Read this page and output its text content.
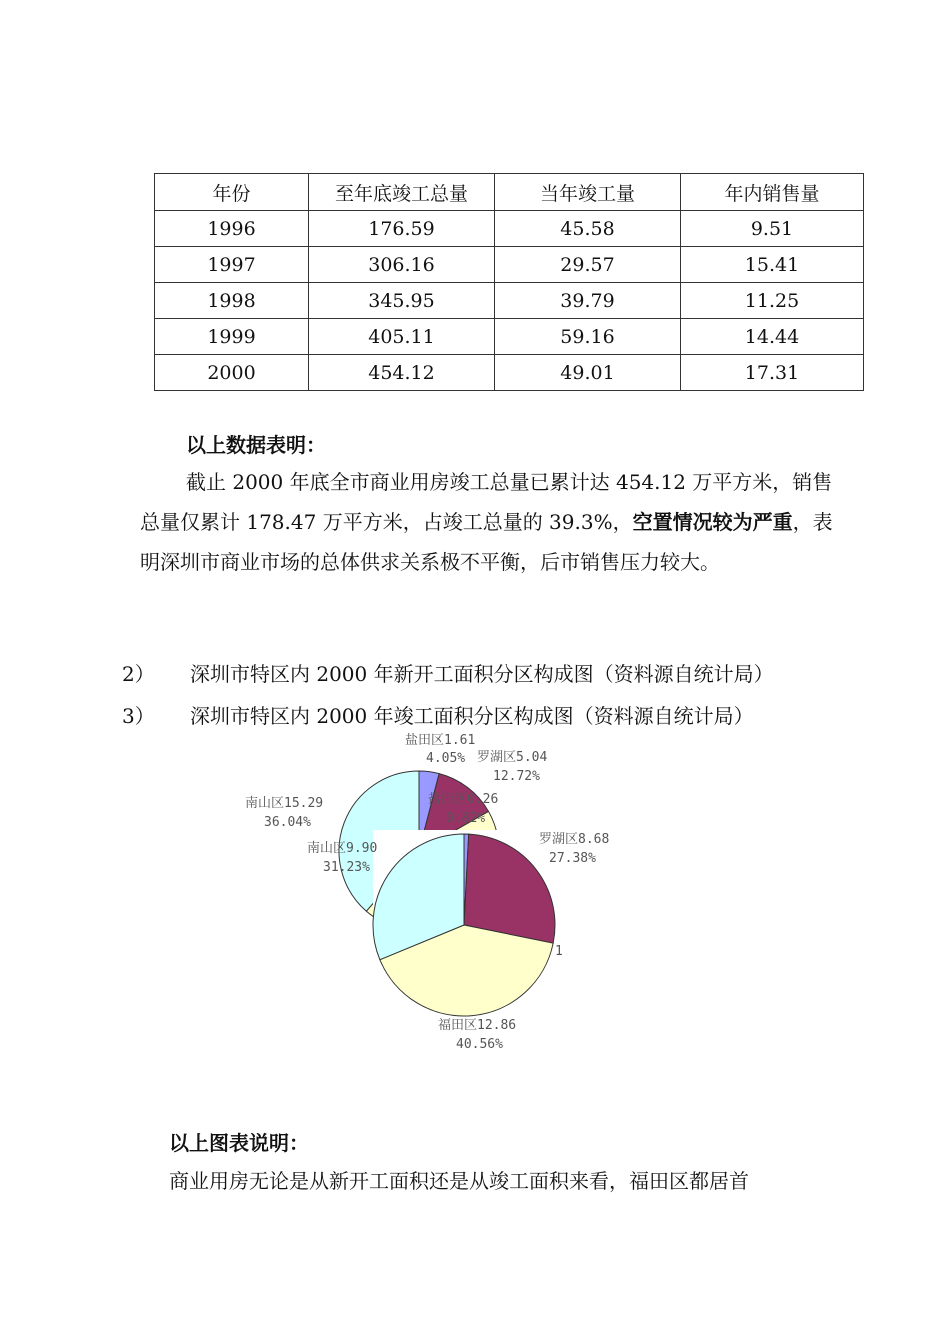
年份	至年底竣工总量	当年竣工量	年内销售量
1996	176.59	45.58	9.51
1997	306.16	29.57	15.41
1998	345.95	39.79	11.25
1999	405.11	59.16	14.44
2000	454.12	49.01	17.31
以上数据表明：
截止 2000 年底全市商业用房竣工总量已累计达 454.12 万平方米，销售总量仅累计 178.47 万平方米，占竣工总量的 39.3%，空置情况较为严重，表明深圳市商业市场的总体供求关系极不平衡，后市销售压力较大。
2） 深圳市特区内 2000 年新开工面积分区构成图（资料源自统计局）
3） 深圳市特区内 2000 年竣工面积分区构成图（资料源自统计局）
盐田区1.61
4.05% 罗湖区5.04
12.72%
南山区15.29
36.04%
盐田区0.26
0.82%
罗湖区8.68
27.38%
南山区9.90
31.23%
福田区12.86
40.56%
1
以上图表说明：
商业用房无论是从新开工面积还是从竣工面积来看，福田区都居首
